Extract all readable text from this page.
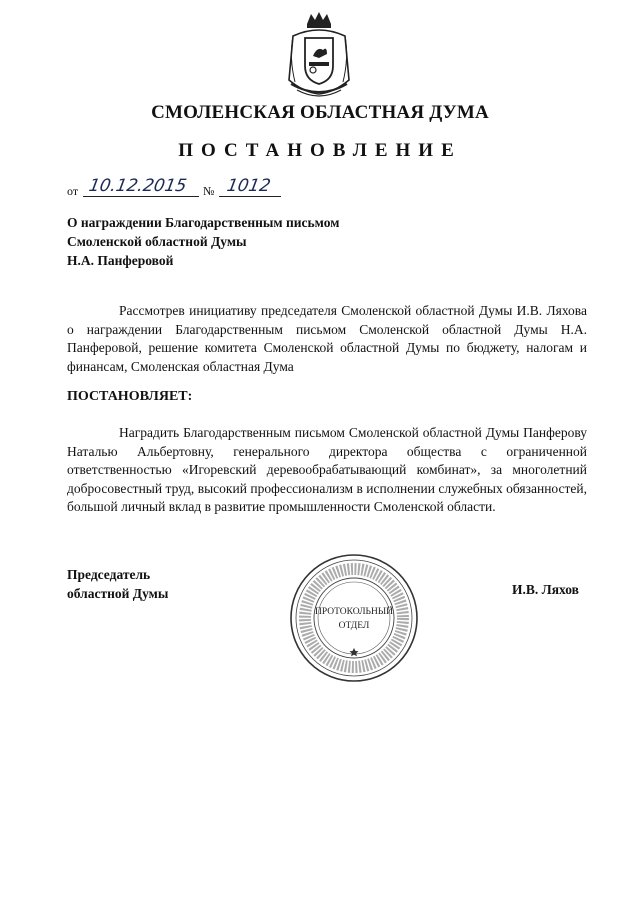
СМОЛЕНСКАЯ ОБЛАСТНАЯ ДУМА
ПОСТАНОВЛЕНИЕ
от 10.12.2015 № 1012
О награждении Благодарственным письмом
Смоленской областной Думы
Н.А. Панферовой
Рассмотрев инициативу председателя Смоленской областной Думы И.В. Ляхова о награждении Благодарственным письмом Смоленской областной Думы Н.А. Панферовой, решение комитета Смоленской областной Думы по бюджету, налогам и финансам, Смоленская областная Дума
ПОСТАНОВЛЯЕТ:
Наградить Благодарственным письмом Смоленской областной Думы Панферову Наталью Альбертовну, генерального директора общества с ограниченной ответственностью «Игоревский деревообрабатывающий комбинат», за многолетний добросовестный труд, высокий профессионализм в исполнении служебных обязанностей, большой личный вклад в развитие промышленности Смоленской области.
Председатель
областной Думы	И.В. Ляхов
ПРОТОКОЛЬНЫЙ
ОТДЕЛ
